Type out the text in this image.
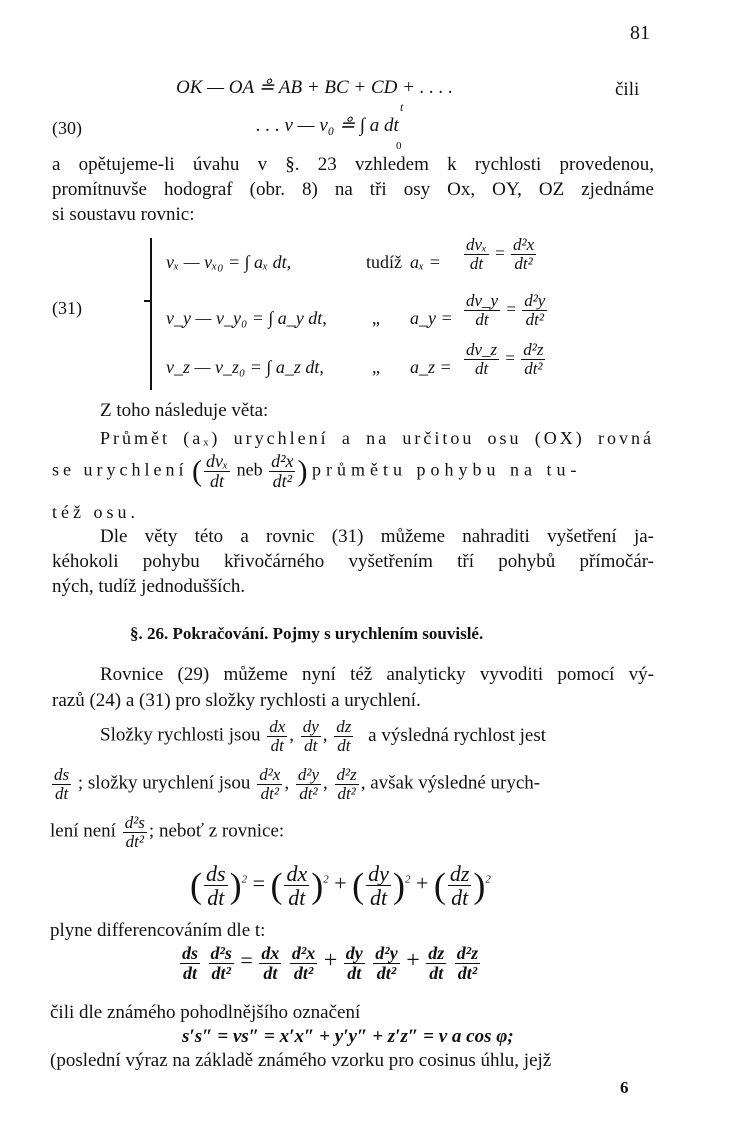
81
OK — OA ≗ AB + BC + CD + . . . .	čili
(30)	. . . v — v₀ ≗ ∫ a dt
t
0
a opětujeme-li úvahu v §. 23 vzhledem k rychlosti provedenou,
promítnuvše hodograf (obr. 8) na tři osy Ox, OY, OZ zjednáme
si soustavu rovnic:
(31)
vₓ — vₓ₀ = ∫ aₓ dt,	tudíž $a_x = \frac{\text{dvₓ}}{dt} = \frac{\text{d²x}}{\text{dt²}}$
v_y — v_y₀ = ∫ a_y dt,	„ a_y = $\frac{dv\_y}{dt} = \frac{\text{d²y}}{\text{dt²}}$
v_z — v_z₀ = ∫ a_z dt,	„ a_z = $\frac{dv\_z}{dt} = \frac{\text{d²z}}{\text{dt²}}$
Z toho následuje věta:
Průmět (aₓ) urychlení a na určitou osu (OX) rovná
se urychlení ( $\frac{\text{dvₓ}}{dt}$ neb $\frac{\text{d²x}}{\text{dt²}}$ ) průmětu pohybu na tu-
též osu.
Dle věty této a rovnic (31) můžeme nahraditi vyšetření ja-
kéhokoli pohybu křivočárného vyšetřením tří pohybů přímočár-
ných, tudíž jednodušších.
§. 26. Pokračování. Pojmy s urychlením souvislé.
Rovnice (29) můžeme nyní též analyticky vyvoditi pomocí vý-
razů (24) a (31) pro složky rychlosti a urychlení.
Složky rychlosti jsou $\frac{dx}{dt}$ , $\frac{dy}{dt}$ , $\frac{dz}{dt}$ a výsledná rychlost jest
$\frac{ds}{dt}$ ; složky urychlení jsou $\frac{\text{d²x}}{\text{dt²}}$ , $\frac{\text{d²y}}{\text{dt²}}$ , $\frac{\text{d²z}}{\text{dt²}}$ , avšak výsledné urych-
lení není $\frac{\text{d²s}}{\text{dt²}}$ ; neboť z rovnice:
( $\frac{ds}{dt} )^2$ = ( $\frac{dx}{dt} )^2$ + ( $\frac{dy}{dt} )^2$ + ( $\frac{dz}{dt} )^2$
plyne differencováním dle t:
$\frac{ds}{dt}$
$\frac{\text{d²s}}{\text{dt²}} = \frac{dx}{dt}$
$\frac{\text{d²x}}{\text{dt²}} + \frac{dy}{dt}$
$\frac{\text{d²y}}{\text{dt²}} + \frac{dz}{dt}$
$\frac{\text{d²z}}{\text{dt²}}$
čili dle známého pohodlnějšího označení
s′s″ = vs″ = x′x″ + y′y″ + z′z″ = v a cos φ;
(poslední výraz na základě známého vzorku pro cosinus úhlu, jejž
6
